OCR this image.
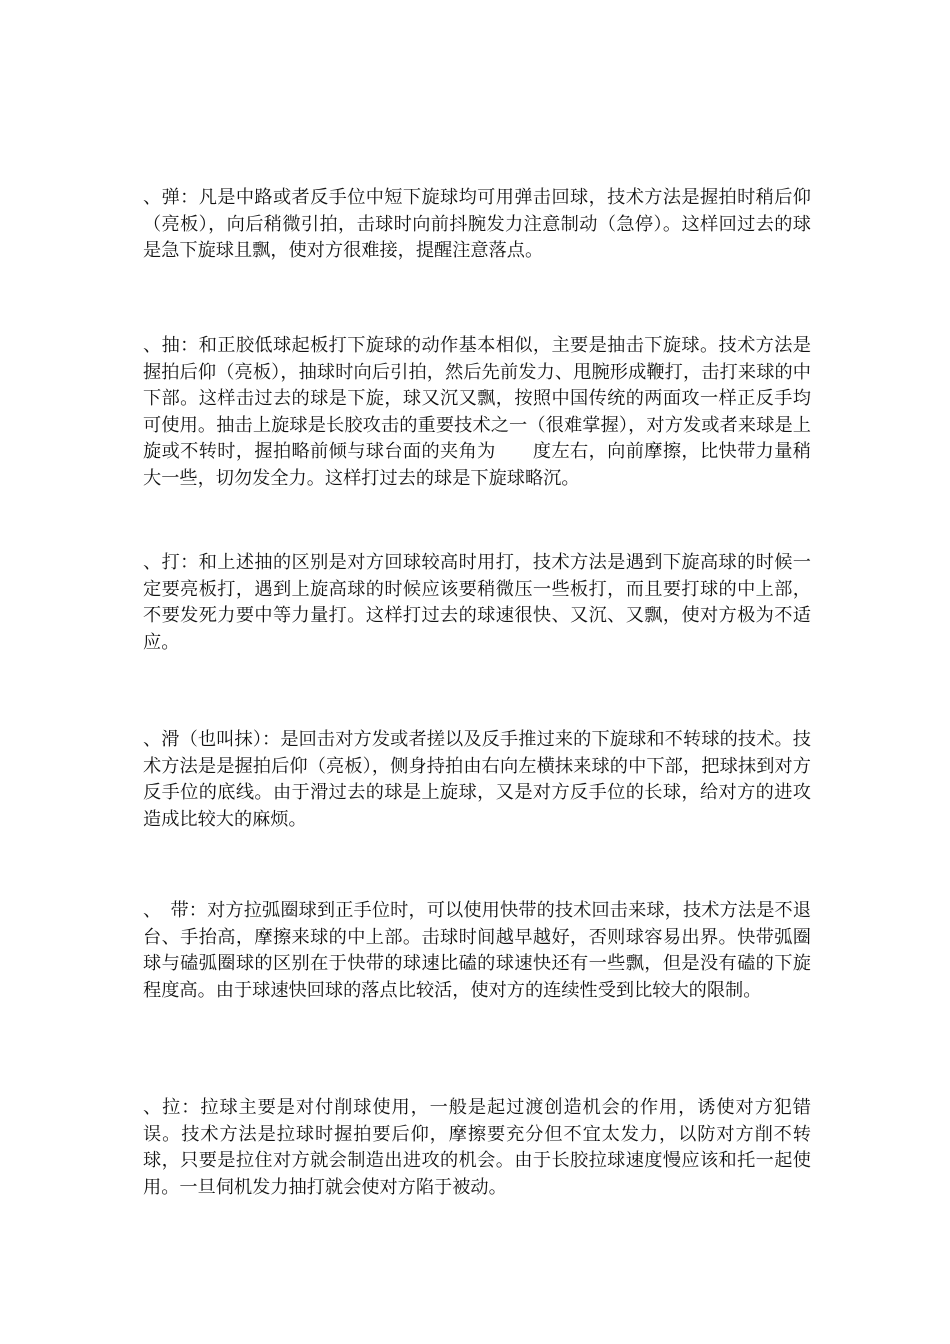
、弹：凡是中路或者反手位中短下旋球均可用弹击回球，技术方法是握拍时稍后仰（亮板），向后稍微引拍，击球时向前抖腕发力注意制动（急停）。这样回过去的球是急下旋球且飘，使对方很难接，提醒注意落点。

、抽：和正胶低球起板打下旋球的动作基本相似，主要是抽击下旋球。技术方法是握拍后仰（亮板），抽球时向后引拍，然后先前发力、甩腕形成鞭打，击打来球的中下部。这样击过去的球是下旋，球又沉又飘，按照中国传统的两面攻一样正反手均可使用。抽击上旋球是长胶攻击的重要技术之一（很难掌握），对方发或者来球是上旋或不转时，握拍略前倾与球台面的夹角为　　度左右，向前摩擦，比快带力量稍大一些，切勿发全力。这样打过去的球是下旋球略沉。

、打：和上述抽的区别是对方回球较高时用打，技术方法是遇到下旋高球的时候一定要亮板打，遇到上旋高球的时候应该要稍微压一些板打，而且要打球的中上部，不要发死力要中等力量打。这样打过去的球速很快、又沉、又飘，使对方极为不适应。

、滑（也叫抹）：是回击对方发或者搓以及反手推过来的下旋球和不转球的技术。技术方法是是握拍后仰（亮板），侧身持拍由右向左横抹来球的中下部，把球抹到对方反手位的底线。由于滑过去的球是上旋球，又是对方反手位的长球，给对方的进攻造成比较大的麻烦。

、　带：对方拉弧圈球到正手位时，可以使用快带的技术回击来球，技术方法是不退台、手抬高，摩擦来球的中上部。击球时间越早越好，否则球容易出界。快带弧圈球与磕弧圈球的区别在于快带的球速比磕的球速快还有一些飘，但是没有磕的下旋程度高。由于球速快回球的落点比较活，使对方的连续性受到比较大的限制。

、拉：拉球主要是对付削球使用，一般是起过渡创造机会的作用，诱使对方犯错误。技术方法是拉球时握拍要后仰，摩擦要充分但不宜太发力，以防对方削不转球，只要是拉住对方就会制造出进攻的机会。由于长胶拉球速度慢应该和托一起使用。一旦伺机发力抽打就会使对方陷于被动。
